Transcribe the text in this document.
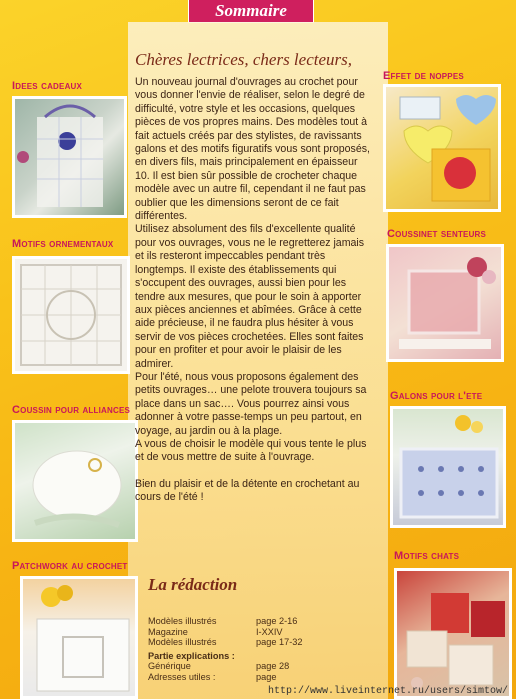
Sommaire
Idees cadeaux
Motifs ornementaux
Coussin pour alliances
Patchwork au crochet
Effet de noppes
Coussinet senteurs
Galons pour l'ete
Motifs chats
Chères lectrices, chers lecteurs,

Un nouveau journal d'ouvrages au crochet pour vous donner l'envie de réaliser, selon le degré de difficulté, votre style et les occasions, quelques pièces de vos propres mains. Des modèles tout à fait actuels créés par des stylistes, de ravissants galons et des motifs figuratifs vous sont proposés, en divers fils, mais principalement en épaisseur 10. Il est bien sûr possible de crocheter chaque modèle avec un autre fil, cependant il ne faut pas oublier que les dimensions seront de ce fait différentes.

Utilisez absolument des fils d'excellente qualité pour vos ouvrages, vous ne le regretterez jamais et ils resteront impeccables pendant très longtemps. Il existe des établissements qui s'occupent des ouvrages, aussi bien pour les tendre aux mesures, que pour le soin à apporter aux pièces anciennes et abîmées. Grâce à cette aide précieuse, il ne faudra plus hésiter à vous servir de vos pièces crochetées. Elles sont faites pour en profiter et pour avoir le plaisir de les admirer.

Pour l'été, nous vous proposons également des petits ouvrages… une pelote trouvera toujours sa place dans un sac…. Vous pourrez ainsi vous adonner à votre passe-temps un peu partout, en voyage, au jardin ou à la plage.

A vous de choisir le modèle qui vous tente le plus et de vous mettre de suite à l'ouvrage.

Bien du plaisir et de la détente en crochetant au cours de l'été !

La rédaction
Modèles illustrés	page 2-16
Magazine	I-XXIV
Modèles illustrés	page 17-32
Partie explications :
Générique	page 28
Adresses utiles :	page
http://www.liveinternet.ru/users/simtow/
